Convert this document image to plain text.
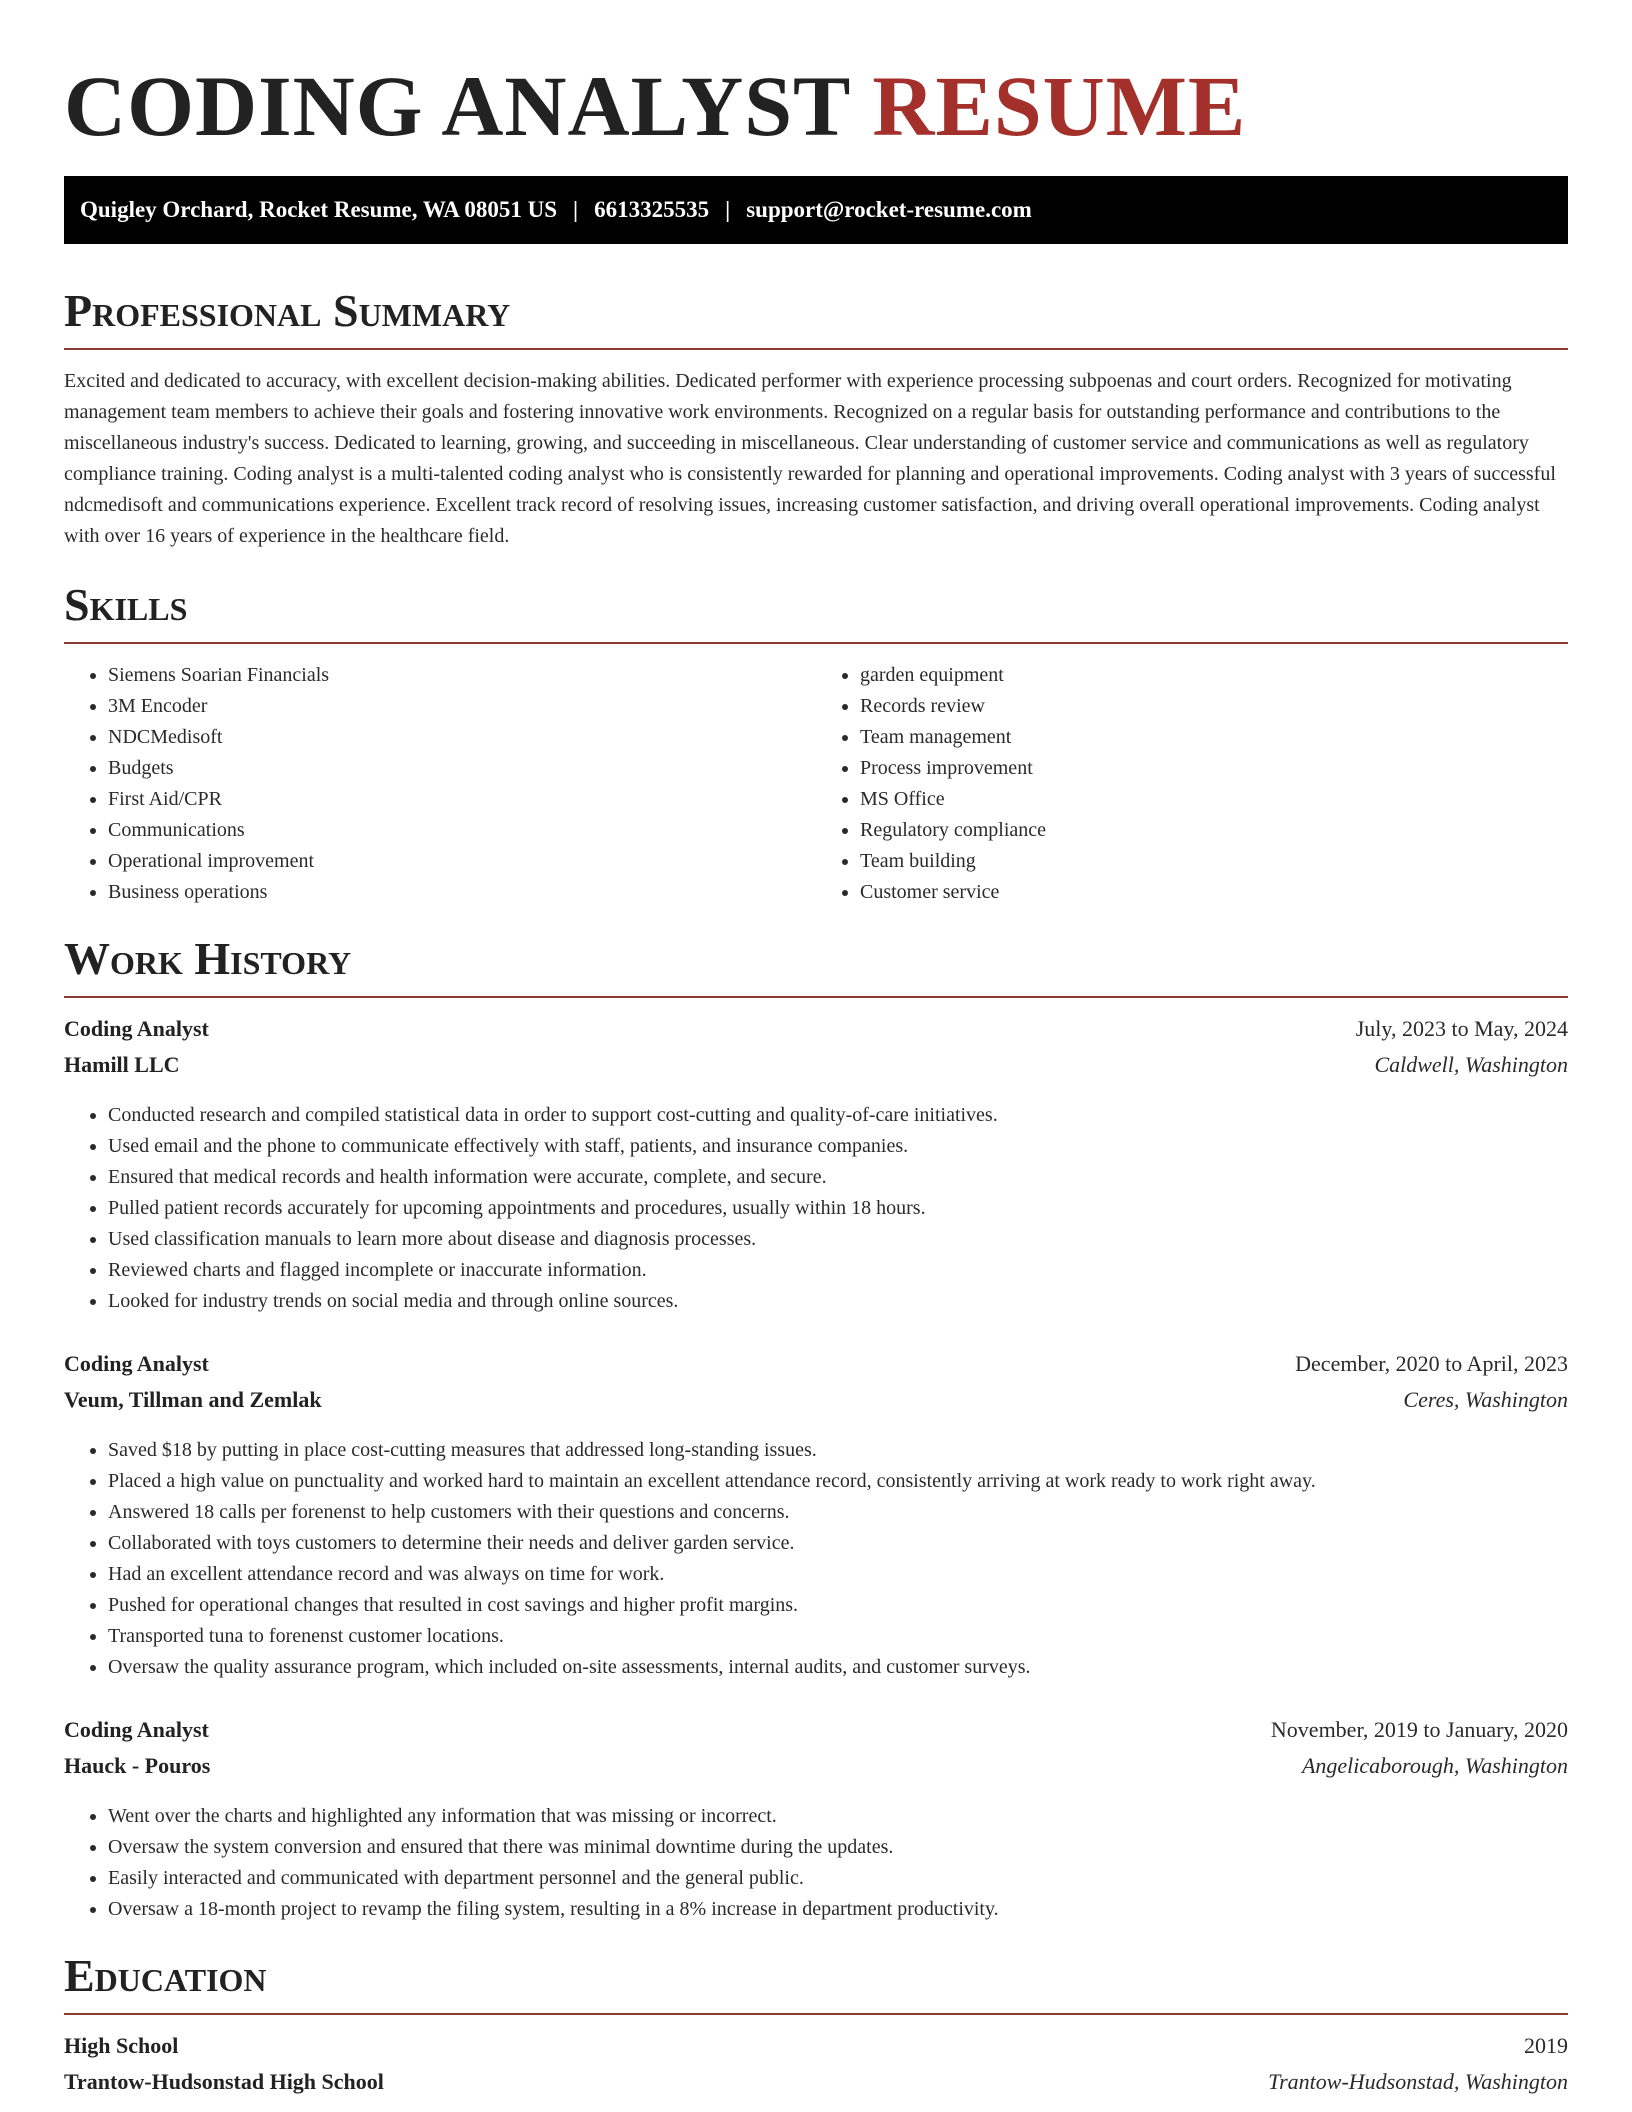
CODING ANALYST RESUME
Quigley Orchard, Rocket Resume, WA 08051 US | 6613325535 | support@rocket-resume.com
Professional Summary

Excited and dedicated to accuracy, with excellent decision-making abilities. Dedicated performer with experience processing subpoenas and court orders. Recognized for motivating management team members to achieve their goals and fostering innovative work environments. Recognized on a regular basis for outstanding performance and contributions to the miscellaneous industry's success. Dedicated to learning, growing, and succeeding in miscellaneous. Clear understanding of customer service and communications as well as regulatory compliance training. Coding analyst is a multi-talented coding analyst who is consistently rewarded for planning and operational improvements. Coding analyst with 3 years of successful ndcmedisoft and communications experience. Excellent track record of resolving issues, increasing customer satisfaction, and driving overall operational improvements. Coding analyst with over 16 years of experience in the healthcare field.

Skills
• Siemens Soarian Financials
• 3M Encoder
• NDCMedisoft
• Budgets
• First Aid/CPR
• Communications
• Operational improvement
• Business operations
• garden equipment
• Records review
• Team management
• Process improvement
• MS Office
• Regulatory compliance
• Team building
• Customer service
Work History
Coding Analyst	July, 2023 to May, 2024
Hamill LLC	Caldwell, Washington
• Conducted research and compiled statistical data in order to support cost-cutting and quality-of-care initiatives.
• Used email and the phone to communicate effectively with staff, patients, and insurance companies.
• Ensured that medical records and health information were accurate, complete, and secure.
• Pulled patient records accurately for upcoming appointments and procedures, usually within 18 hours.
• Used classification manuals to learn more about disease and diagnosis processes.
• Reviewed charts and flagged incomplete or inaccurate information.
• Looked for industry trends on social media and through online sources.
Coding Analyst	December, 2020 to April, 2023
Veum, Tillman and Zemlak	Ceres, Washington
• Saved $18 by putting in place cost-cutting measures that addressed long-standing issues.
• Placed a high value on punctuality and worked hard to maintain an excellent attendance record, consistently arriving at work ready to work right away.
• Answered 18 calls per forenenst to help customers with their questions and concerns.
• Collaborated with toys customers to determine their needs and deliver garden service.
• Had an excellent attendance record and was always on time for work.
• Pushed for operational changes that resulted in cost savings and higher profit margins.
• Transported tuna to forenenst customer locations.
• Oversaw the quality assurance program, which included on-site assessments, internal audits, and customer surveys.
Coding Analyst	November, 2019 to January, 2020
Hauck - Pouros	Angelicaborough, Washington
• Went over the charts and highlighted any information that was missing or incorrect.
• Oversaw the system conversion and ensured that there was minimal downtime during the updates.
• Easily interacted and communicated with department personnel and the general public.
• Oversaw a 18-month project to revamp the filing system, resulting in a 8% increase in department productivity.
Education
High School	2019
Trantow-Hudsonstad High School	Trantow-Hudsonstad, Washington
